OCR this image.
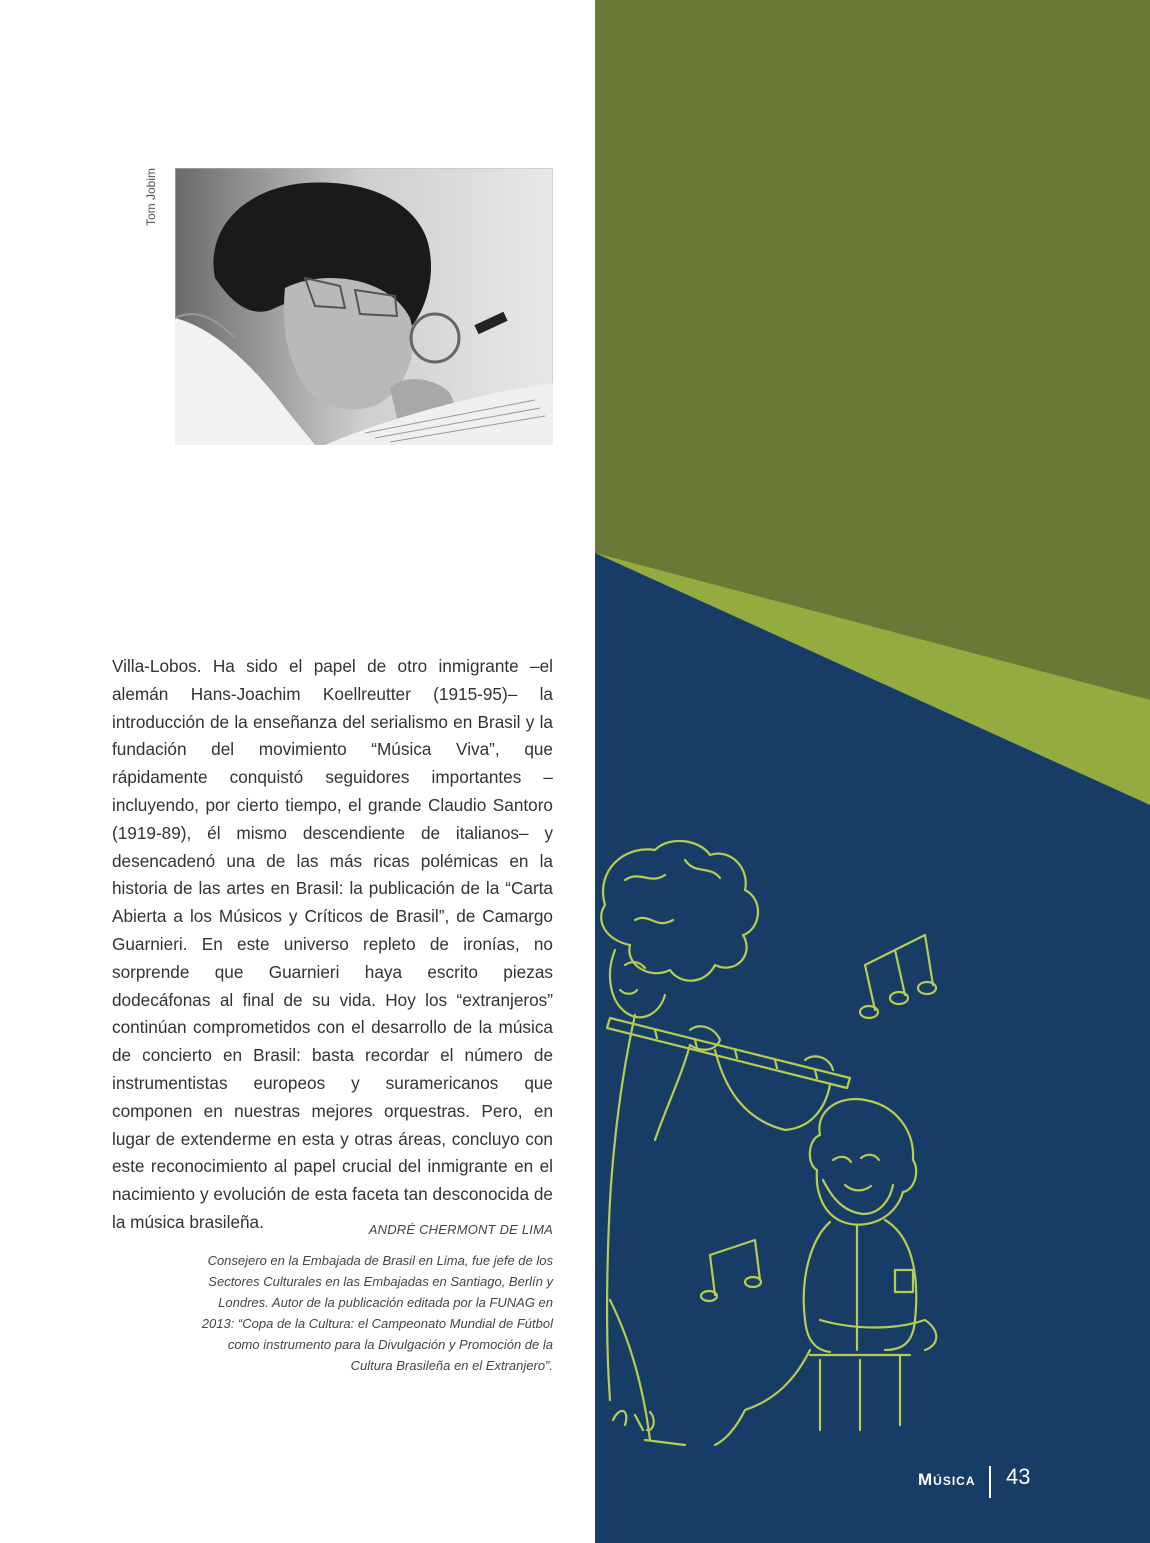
Tom Jobim

Villa-Lobos. Ha sido el papel de otro inmigrante –el alemán Hans-Joachim Koellreutter (1915-95)– la introducción de la enseñanza del serialismo en Brasil y la fundación del movimiento “Música Viva”, que rápidamente conquistó seguidores importantes –incluyendo, por cierto tiempo, el grande Claudio Santoro (1919-89), él mismo descendiente de italianos– y desencadenó una de las más ricas polémicas en la historia de las artes en Brasil: la publicación de la “Carta Abierta a los Músicos y Críticos de Brasil”, de Camargo Guarnieri. En este universo repleto de ironías, no sorprende que Guarnieri haya escrito piezas dodecáfonas al final de su vida. Hoy los “extranjeros” continúan comprometidos con el desarrollo de la música de concierto en Brasil: basta recordar el número de instrumentistas europeos y suramericanos que componen en nuestras mejores orquestras. Pero, en lugar de extenderme en esta y otras áreas, concluyo con este reconocimiento al papel crucial del inmigrante en el nacimiento y evolución de esta faceta tan desconocida de la música brasileña.	ANDRÉ CHERMONT DE LIMA

Consejero en la Embajada de Brasil en Lima, fue jefe de los Sectores Culturales en las Embajadas en Santiago, Berlín y Londres. Autor de la publicación editada por la FUNAG en 2013: “Copa de la Cultura: el Campeonato Mundial de Fútbol como instrumento para la Divulgación y Promoción de la Cultura Brasileña en el Extranjero”.

Música 43
